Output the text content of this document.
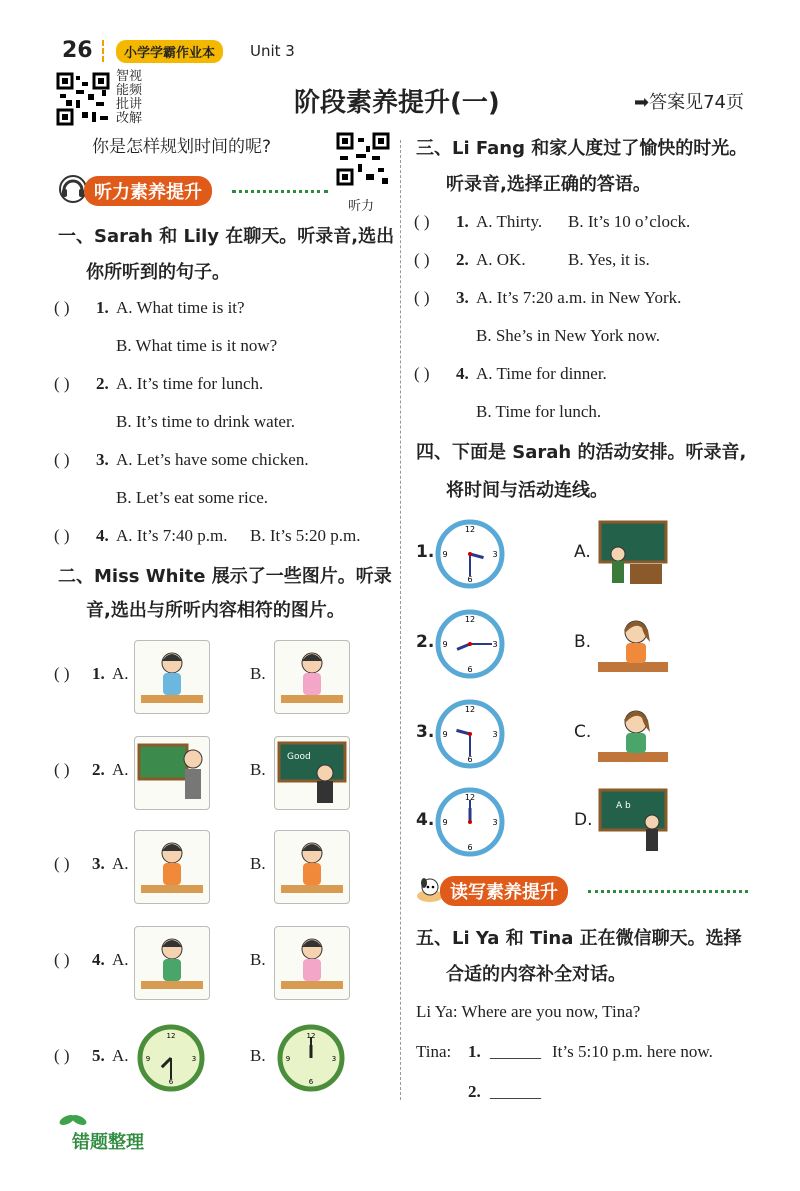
26	小学学霸作业本	Unit 3
智视
能频
批讲
改解
阶段素养提升(一)	➡答案见74页
你是怎样规划时间的呢?
听力
听力素养提升
一、Sarah 和 Lily 在聊天。听录音,选出
你所听到的句子。
二、Miss White 展示了一些图片。听录
音,选出与所听内容相符的图片。
三、Li Fang 和家人度过了愉快的时光。
听录音,选择正确的答语。
四、下面是 Sarah 的活动安排。听录音,
将时间与活动连线。
读写素养提升
五、Li Ya 和 Tina 正在微信聊天。选择
合适的内容补全对话。
Li Ya: Where are you now, Tina?
Tina: 1. ______ It’s 5:10 p.m. here now.
2. ______
错题整理
( ) 1. A. What time is it?
B. What time is it now?
( ) 2. A. It’s time for lunch.
B. It’s time to drink water.
( ) 3. A. Let’s have some chicken.
B. Let’s eat some rice.
( ) 4. A. It’s 7:40 p.m. B. It’s 5:20 p.m.
( ) 1. A.	B.
( ) 2. A.	B.
Good
( ) 3. A.	B.
( ) 4. A.	B.
( ) 5. A.
12
3
6
9	B.
12
3
6
9
( ) 1. A. Thirty. B. It’s 10 o’clock.
( ) 2. A. OK. B. Yes, it is.
( ) 3. A. It’s 7:20 a.m. in New York.
B. She’s in New York now.
( ) 4. A. Time for dinner.
B. Time for lunch.
1.	3
6
9
12
A.
2.	3
6
9
12
B.
3.	3
6
9
12
C.
4.	3
6
9
12
D.
A b
